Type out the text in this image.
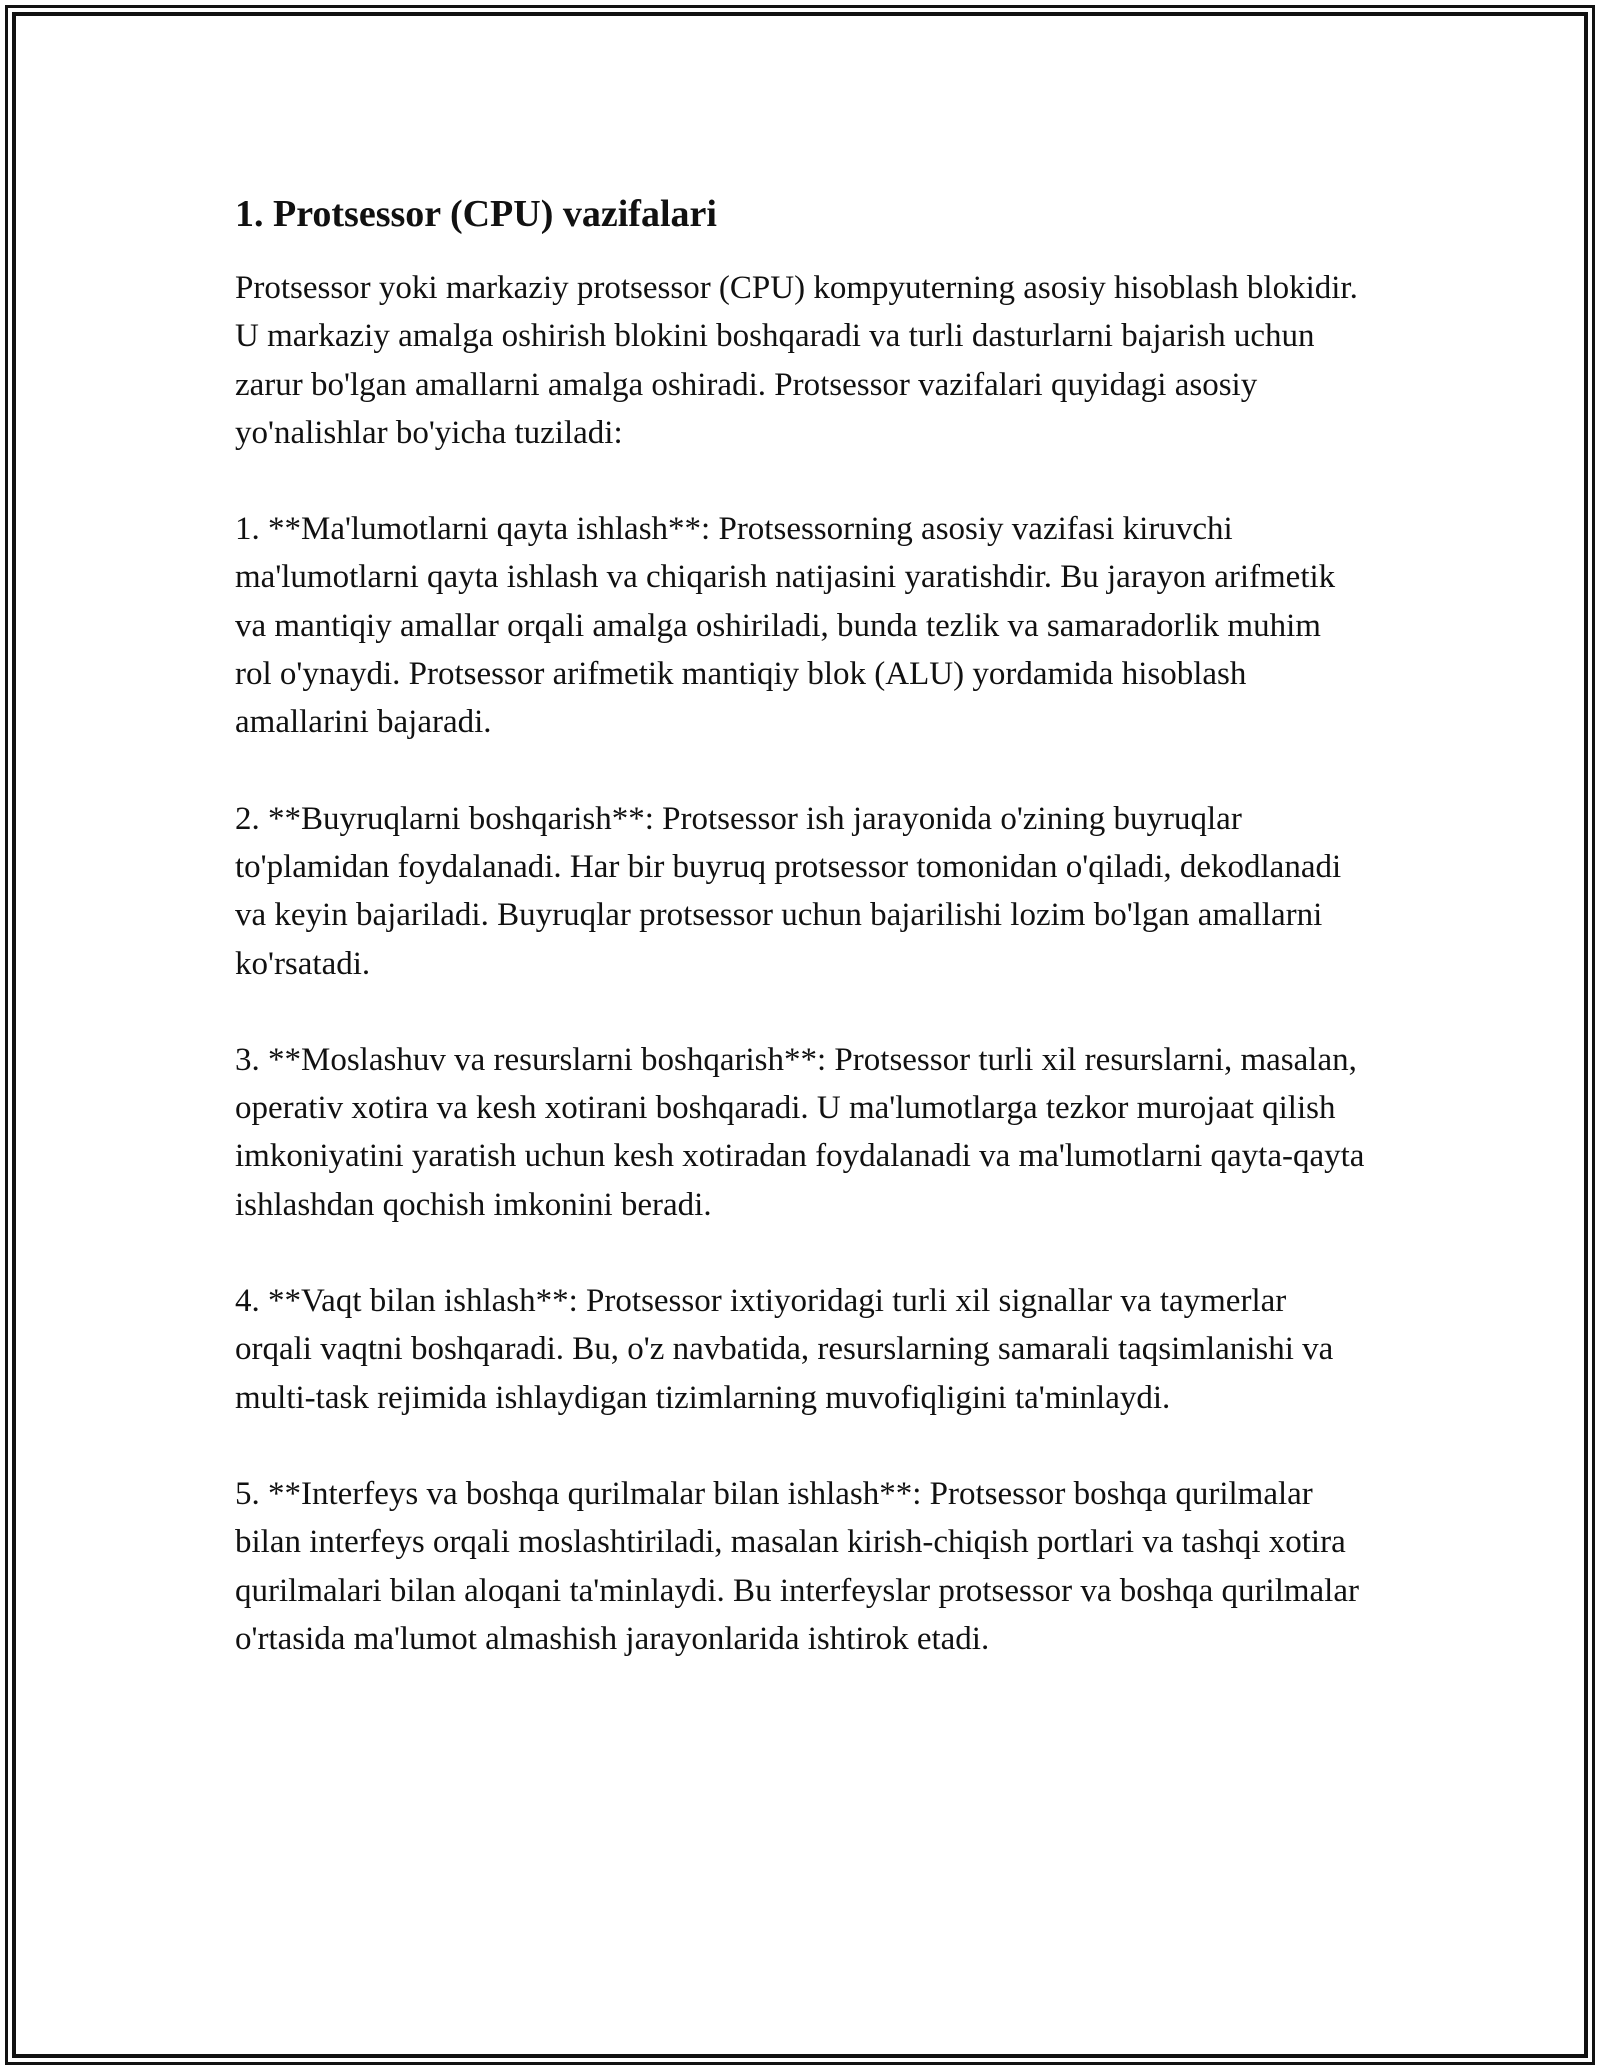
1. Protsessor (CPU) vazifalari

Protsessor yoki markaziy protsessor (CPU) kompyuterning asosiy hisoblash blokidir. U markaziy amalga oshirish blokini boshqaradi va turli dasturlarni bajarish uchun zarur bo'lgan amallarni amalga oshiradi. Protsessor vazifalari quyidagi asosiy yo'nalishlar bo'yicha tuziladi:

1. **Ma'lumotlarni qayta ishlash**: Protsessorning asosiy vazifasi kiruvchi ma'lumotlarni qayta ishlash va chiqarish natijasini yaratishdir. Bu jarayon arifmetik va mantiqiy amallar orqali amalga oshiriladi, bunda tezlik va samaradorlik muhim rol o'ynaydi. Protsessor arifmetik mantiqiy blok (ALU) yordamida hisoblash amallarini bajaradi.

2. **Buyruqlarni boshqarish**: Protsessor ish jarayonida o'zining buyruqlar to'plamidan foydalanadi. Har bir buyruq protsessor tomonidan o'qiladi, dekodlanadi va keyin bajariladi. Buyruqlar protsessor uchun bajarilishi lozim bo'lgan amallarni ko'rsatadi.

3. **Moslashuv va resurslarni boshqarish**: Protsessor turli xil resurslarni, masalan, operativ xotira va kesh xotirani boshqaradi. U ma'lumotlarga tezkor murojaat qilish imkoniyatini yaratish uchun kesh xotiradan foydalanadi va ma'lumotlarni qayta-qayta ishlashdan qochish imkonini beradi.

4. **Vaqt bilan ishlash**: Protsessor ixtiyoridagi turli xil signallar va taymerlar orqali vaqtni boshqaradi. Bu, o'z navbatida, resurslarning samarali taqsimlanishi va multi-task rejimida ishlaydigan tizimlarning muvofiqligini ta'minlaydi.

5. **Interfeys va boshqa qurilmalar bilan ishlash**: Protsessor boshqa qurilmalar bilan interfeys orqali moslashtiriladi, masalan kirish-chiqish portlari va tashqi xotira qurilmalari bilan aloqani ta'minlaydi. Bu interfeyslar protsessor va boshqa qurilmalar o'rtasida ma'lumot almashish jarayonlarida ishtirok etadi.
